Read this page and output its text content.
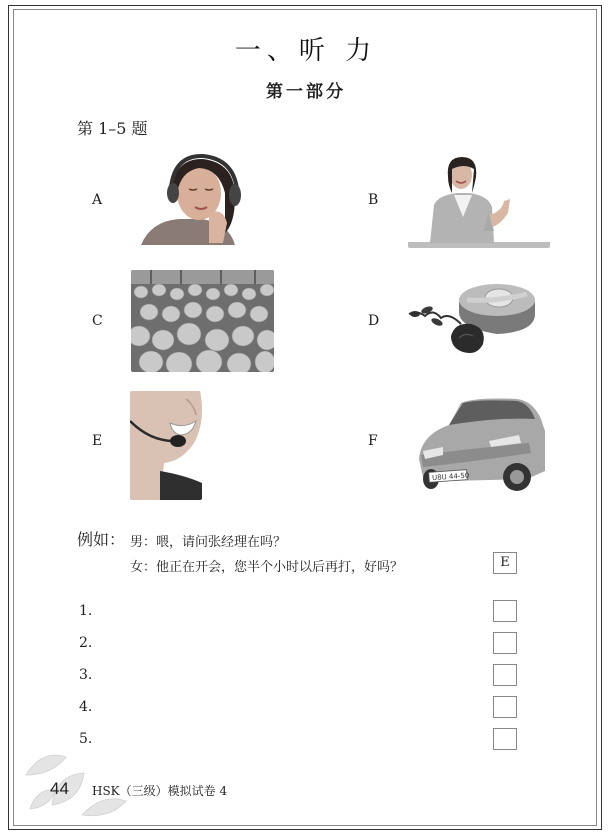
一、听 力
第一部分
第 1–5 题
A	B
C	D
E	F
U8U 44-50
例如： 男：喂，请问张经理在吗？
女：他正在开会，您半个小时以后再打，好吗？	E
1.
2.
3.
4.
5.
44 HSK（三级）模拟试卷 4
